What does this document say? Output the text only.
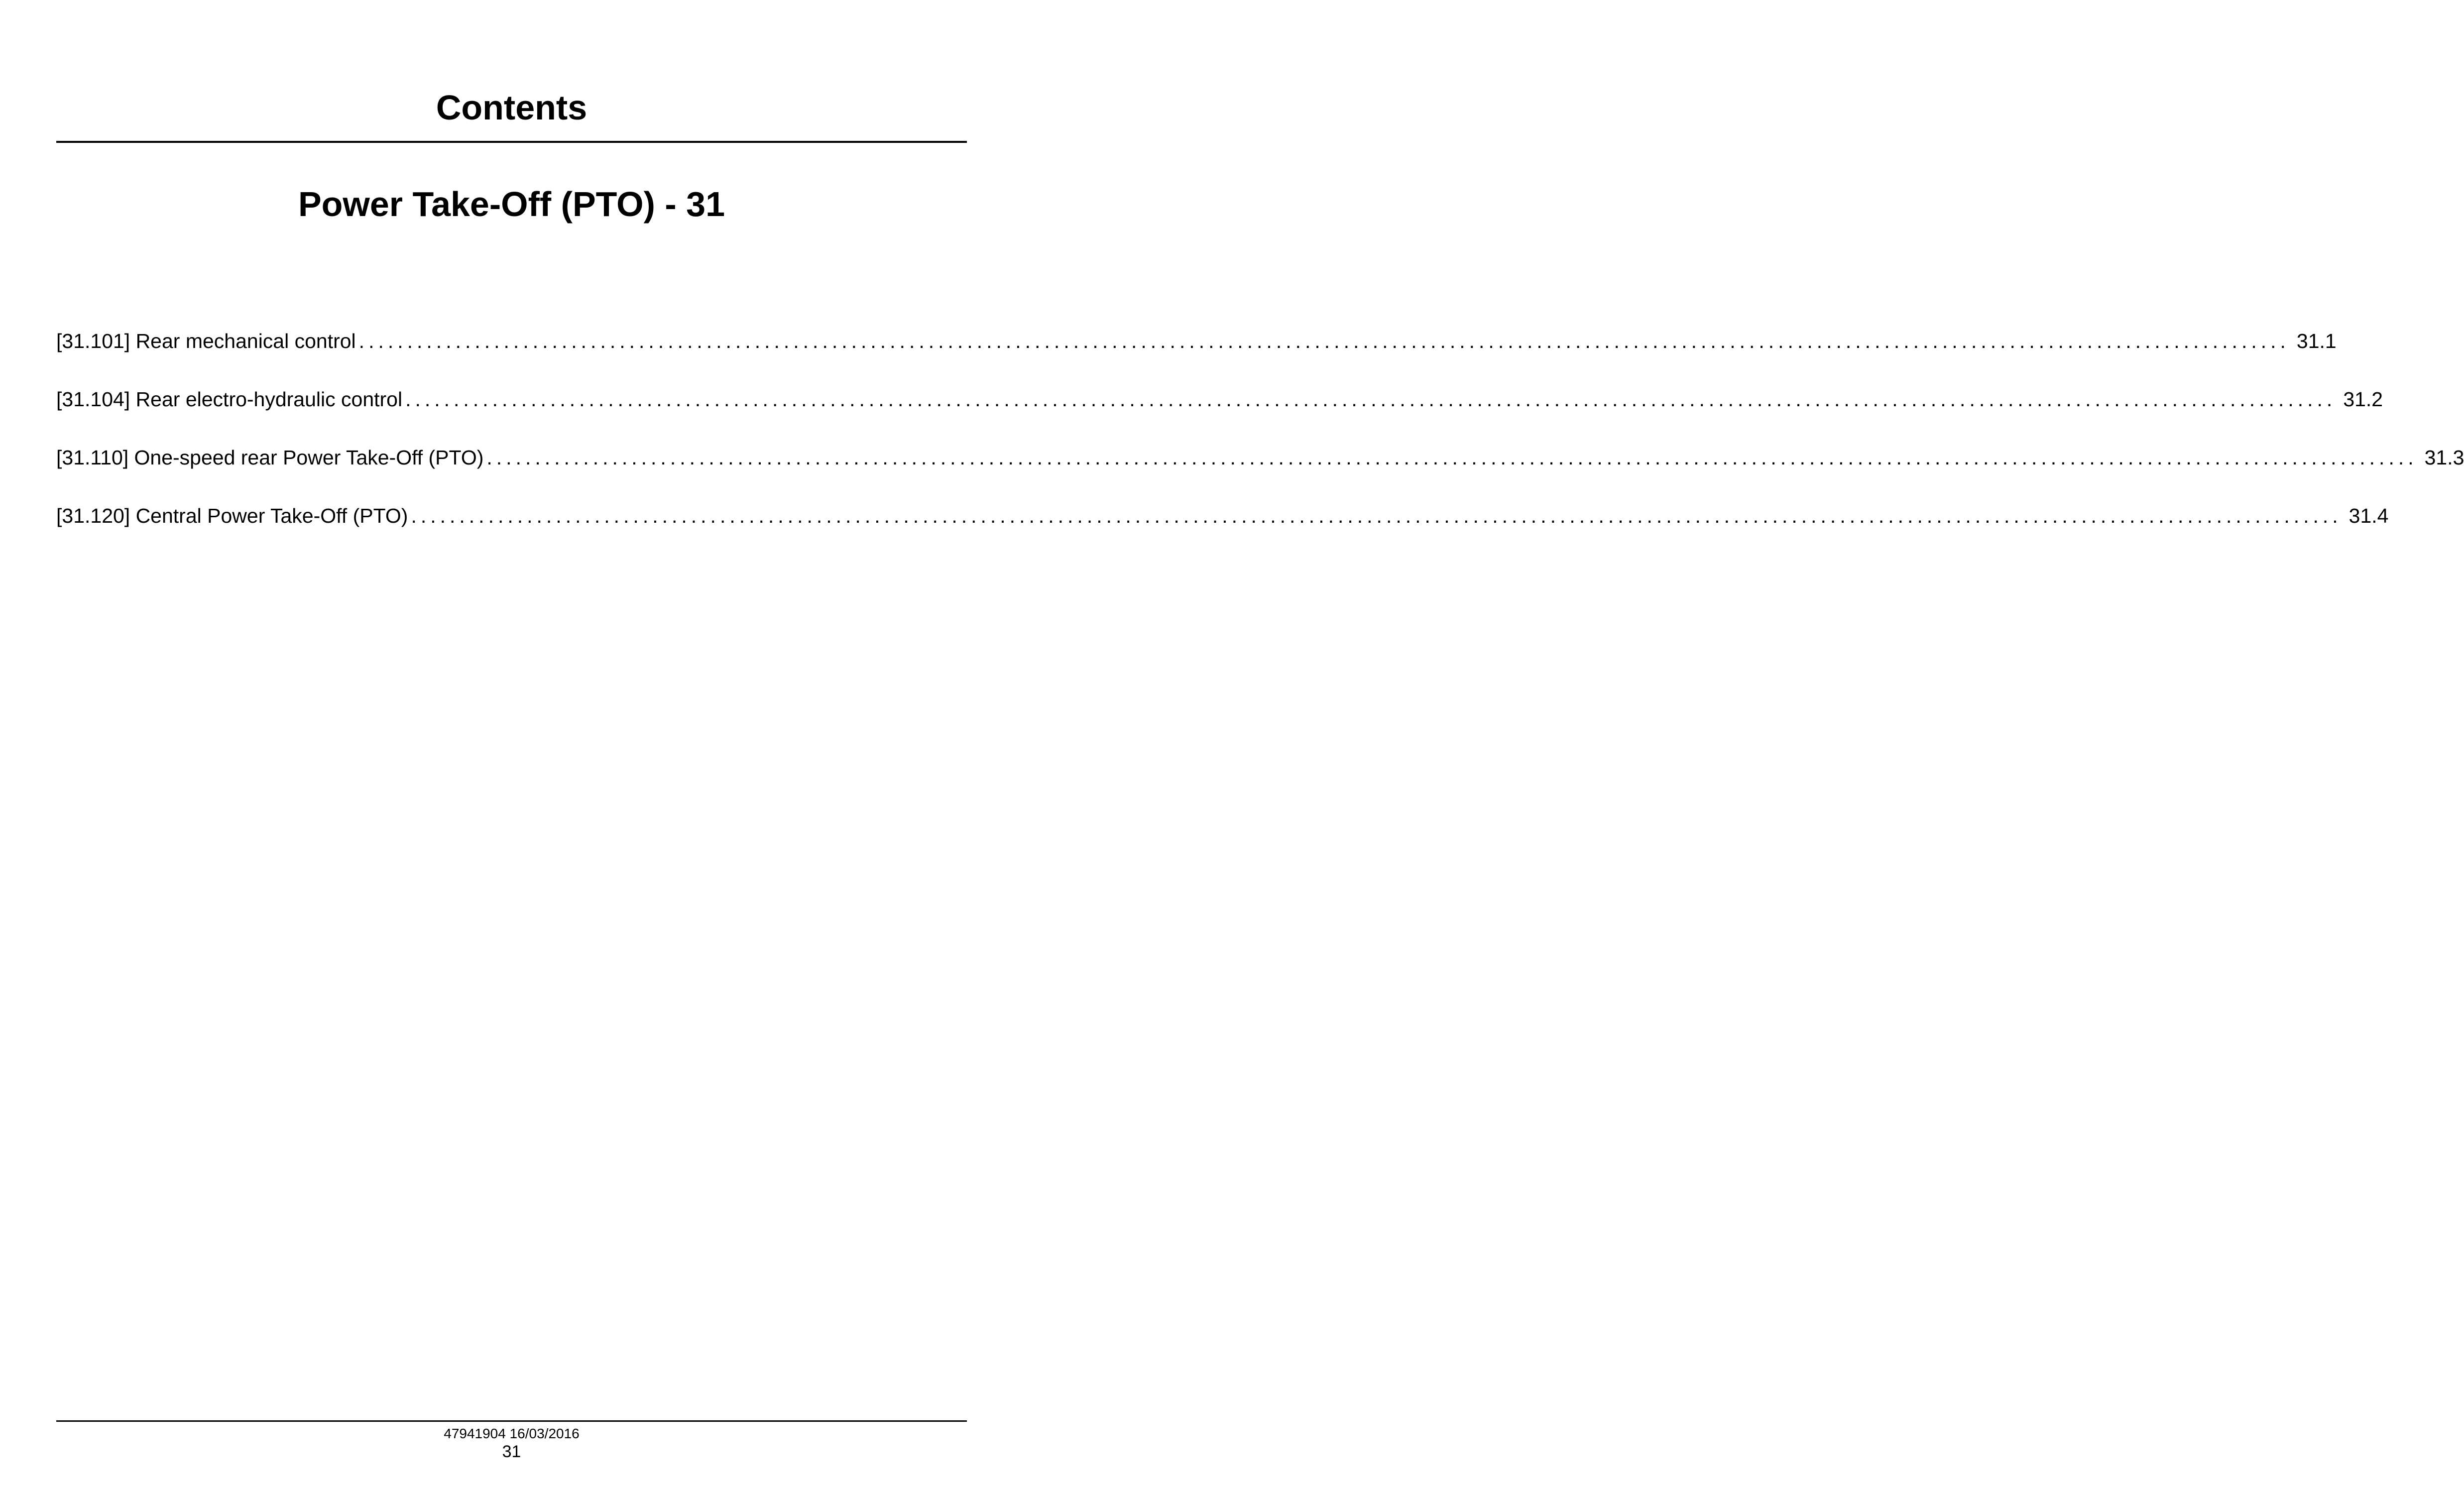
Contents
Power Take-Off (PTO) - 31
[31.101] Rear mechanical control ........................................................................................................................................................................................................ 31.1
[31.104] Rear electro-hydraulic control ........................................................................................................................................................................................................ 31.2
[31.110] One-speed rear Power Take-Off (PTO) ........................................................................................................................................................................................................ 31.3
[31.120] Central Power Take-Off (PTO) ........................................................................................................................................................................................................ 31.4
47941904 16/03/2016
31
